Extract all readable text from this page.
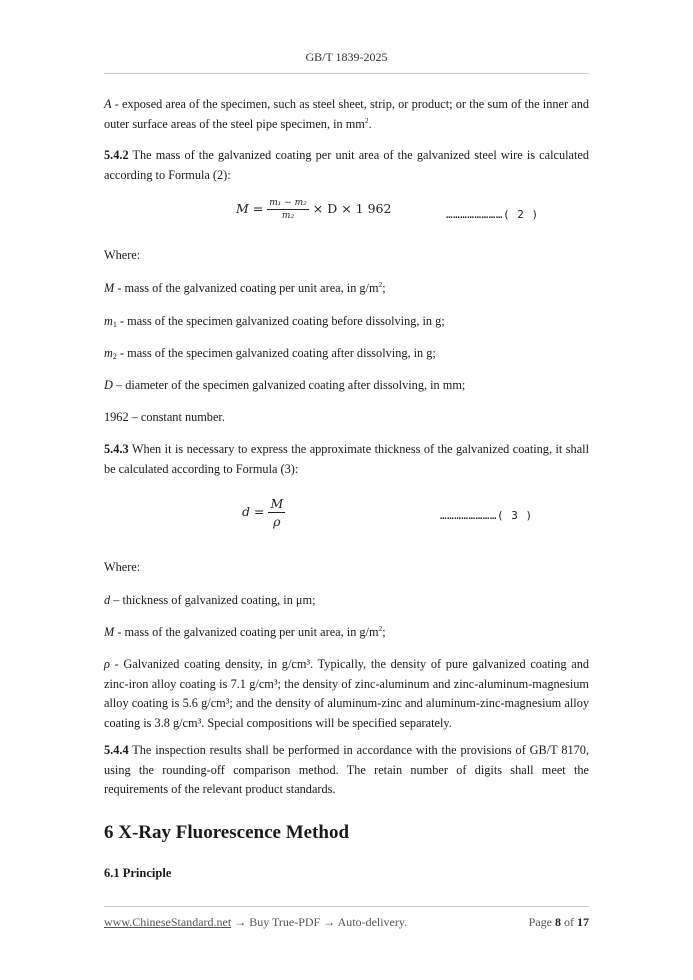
GB/T 1839-2025

A - exposed area of the specimen, such as steel sheet, strip, or product; or the sum of the inner and outer surface areas of the steel pipe specimen, in $mm^2$.

5.4.2 The mass of the galvanized coating per unit area of the galvanized steel wire is calculated according to Formula (2):

$M = \frac{\text{m₁ − m₂}}{\text{m₂}} \times D \times 1$ 962	……………………( 2 )

Where:

M - mass of the galvanized coating per unit area, in $g/m^2$;

$m_1$ - mass of the specimen galvanized coating before dissolving, in g;

$m_2$ - mass of the specimen galvanized coating after dissolving, in g;

D – diameter of the specimen galvanized coating after dissolving, in mm;

1962 – constant number.

5.4.3 When it is necessary to express the approximate thickness of the galvanized coating, it shall be calculated according to Formula (3):

$d = \frac{M}{\rho}$	……………………( 3 )

Where:

d – thickness of galvanized coating, in μm;

M - mass of the galvanized coating per unit area, in $g/m^2$;

ρ - Galvanized coating density, in g/cm³. Typically, the density of pure galvanized coating and zinc-iron alloy coating is 7.1 g/cm³; the density of zinc-aluminum and zinc-aluminum-magnesium alloy coating is 5.6 g/cm³; and the density of aluminum-zinc and aluminum-zinc-magnesium alloy coating is 3.8 g/cm³. Special compositions will be specified separately.

5.4.4 The inspection results shall be performed in accordance with the provisions of GB/T 8170, using the rounding-off comparison method. The retain number of digits shall meet the requirements of the relevant product standards.

6 X-Ray Fluorescence Method
6.1 Principle
www.ChineseStandard.net → Buy True-PDF → Auto-delivery.	Page 8 of 17
